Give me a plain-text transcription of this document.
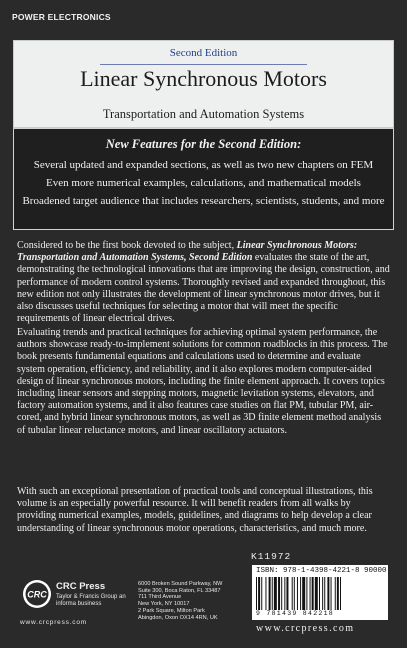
POWER ELECTRONICS
Second Edition
Linear Synchronous Motors
Transportation and Automation Systems
New Features for the Second Edition:
Several updated and expanded sections, as well as two new chapters on FEM
Even more numerical examples, calculations, and mathematical models
Broadened target audience that includes researchers, scientists, students, and more
Considered to be the first book devoted to the subject, Linear Synchronous Motors: Transportation and Automation Systems, Second Edition evaluates the state of the art, demonstrating the technological innovations that are improving the design, construction, and performance of modern control systems. Thoroughly revised and expanded throughout, this new edition not only illustrates the development of linear synchronous motor drives, but it also discusses useful techniques for selecting a motor that will meet the specific requirements of linear electrical drives.
Evaluating trends and practical techniques for achieving optimal system performance, the authors showcase ready-to-implement solutions for common roadblocks in this process. The book presents fundamental equations and calculations used to determine and evaluate system operation, efficiency, and reliability, and it also explores modern computer-aided design of linear synchronous motors, including the finite element approach. It covers topics including linear sensors and stepping motors, magnetic levitation systems, elevators, and factory automation systems, and it also features case studies on flat PM, tubular PM, air-cored, and hybrid linear synchronous motors, as well as 3D finite element method analysis of tubular linear reluctance motors, and linear oscillatory actuators.
With such an exceptional presentation of practical tools and conceptual illustrations, this volume is an especially powerful resource. It will benefit readers from all walks by providing numerical examples, models, guidelines, and diagrams to help develop a clear understanding of linear synchronous motor operations, characteristics, and much more.
CRC
CRC Press
Taylor & Francis Group an informa business
www.crcpress.com
6000 Broken Sound Parkway, NW
Suite 300, Boca Raton, FL 33487
711 Third Avenue
New York, NY 10017
2 Park Square, Milton Park
Abingdon, Oxon OX14 4RN, UK
K11972
ISBN: 978-1-4398-4221-8 90000
9 781439 842218
www.crcpress.com
